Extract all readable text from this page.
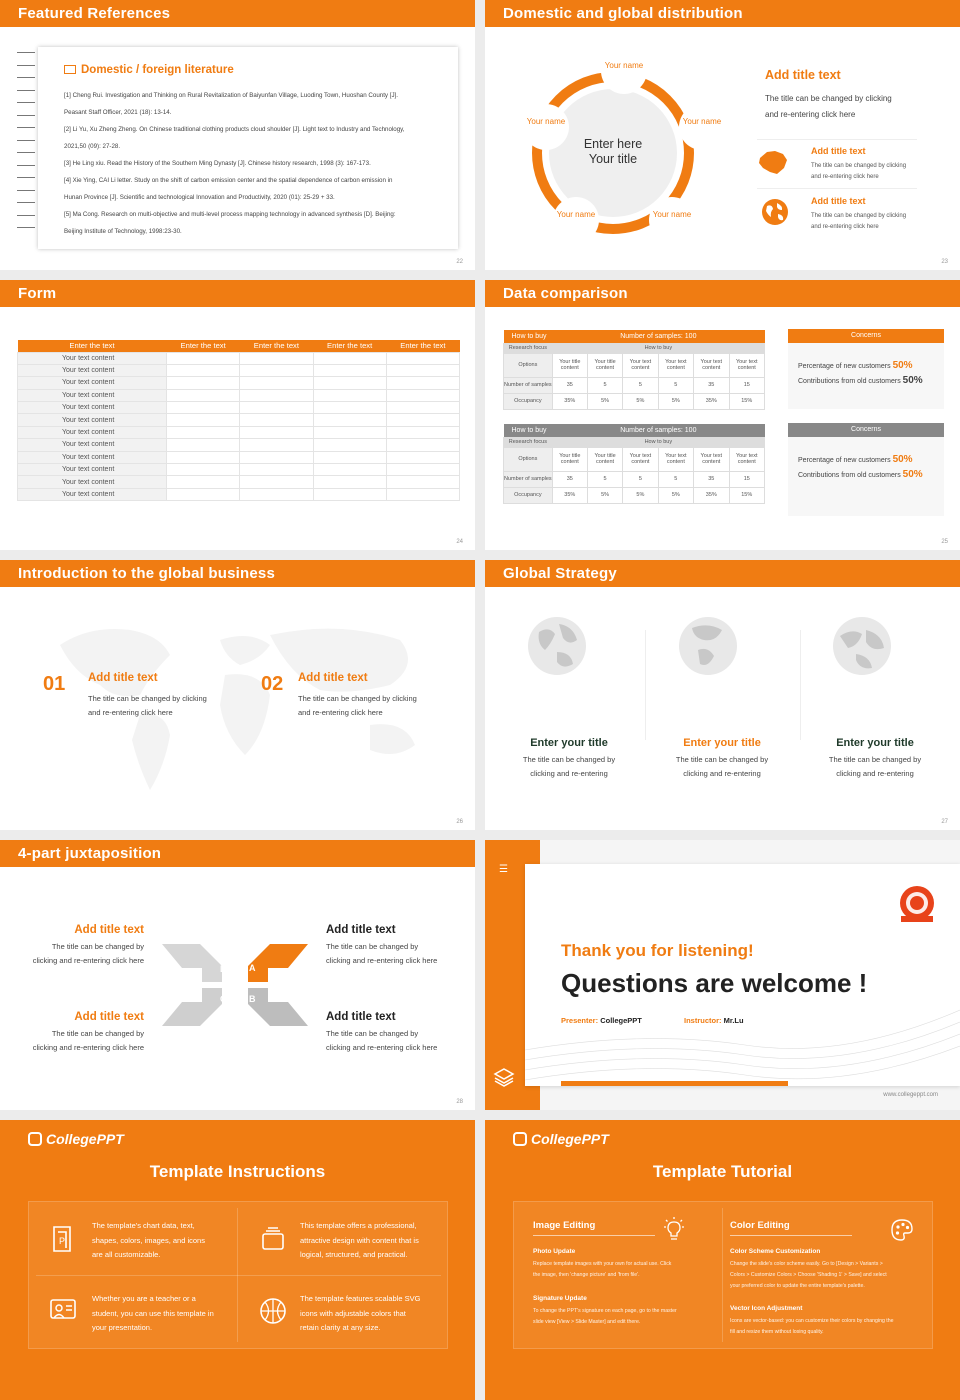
Featured References
Domestic / foreign literature
[1] Cheng Rui. Investigation and Thinking on Rural Revitalization of Baiyunfan Village, Luoding Town, Huoshan County [J].
Peasant Staff Officer, 2021 (18): 13-14.
[2] Li Yu, Xu Zheng Zheng. On Chinese traditional clothing products cloud shoulder [J]. Light text to Industry and Technology,
2021,50 (09): 27-28.
[3] He Ling xiu. Read the History of the Southern Ming Dynasty [J]. Chinese history research, 1998 (3): 167-173.
[4] Xie Ying, CAI Li letter. Study on the shift of carbon emission center and the spatial dependence of carbon emission in
Hunan Province [J]. Scientific and technological Innovation and Productivity, 2020 (01): 25-29 + 33.
[5] Ma Cong. Research on multi-objective and multi-level process mapping technology in advanced synthesis [D]. Beijing:
Beijing Institute of Technology, 1998:23-30.
22
Domestic and global distribution
Enter here
Your title
Your name
Your name
Your name
Your name
Your name
Add title text
The title can be changed by clicking
and re-entering click here
Add title text
The title can be changed by clicking
and re-entering click here
Add title text
The title can be changed by clicking
and re-entering click here
23
Form
24
Enter the text	Enter the text	Enter the text	Enter the text	Enter the text
Your text content				
Your text content				
Your text content				
Your text content				
Your text content				
Your text content				
Your text content				
Your text content				
Your text content				
Your text content				
Your text content				
Your text content				
Data comparison
25
Concerns
Percentage of new customers 50%
Contributions from old customers 50%
Concerns
Percentage of new customers 50%
Contributions from old customers 50%
How to buy	Number of samples: 100					
Research focus	How to buy					
Options	Your title content	Your title content	Your text content	Your text content	Your text content	Your text content
Number of samples	35	5	5	5	35	15
Occupancy	35%	5%	5%	5%	35%	15%
How to buy	Number of samples: 100					
Research focus	How to buy					
Options	Your title content	Your title content	Your text content	Your text content	Your text content	Your text content
Number of samples	35	5	5	5	35	15
Occupancy	35%	5%	5%	5%	35%	15%
Introduction to the global business
01 Add title text
The title can be changed by clicking
and re-entering click here
02 Add title text
The title can be changed by clicking
and re-entering click here
26
Global Strategy
Enter your title
The title can be changed by
clicking and re-entering
Enter your title
The title can be changed by
clicking and re-entering
Enter your title
The title can be changed by
clicking and re-entering
27
4-part juxtaposition
Add title text
The title can be changed by
clicking and re-entering click here
Add title text
The title can be changed by
clicking and re-entering click here
Add title text
The title can be changed by
clicking and re-entering click here
Add title text
The title can be changed by
clicking and re-entering click here
D	A
C	B
28
☰
Thank you for listening!
Questions are welcome !
Presenter: CollegePPT	Instructor: Mr.Lu
www.collegeppt.com
CollegePPT
Template Instructions
P
The template's chart data, text,
shapes, colors, images, and icons
are all customizable.
This template offers a professional,
attractive design with content that is
logical, structured, and practical.
Whether you are a teacher or a
student, you can use this template in
your presentation.
The template features scalable SVG
icons with adjustable colors that
retain clarity at any size.
CollegePPT
Template Tutorial
Image Editing
Photo Update
Replace template images with your own for actual use. Click
the image, then 'change picture' and 'from file'.
Signature Update
To change the PPT's signature on each page, go to the master
slide view [View > Slide Master] and edit there.
Color Editing
Color Scheme Customization
Change the slide's color scheme easily. Go to [Design > Variants >
Colors > Customize Colors > Choose 'Shading 1' > Save] and select
your preferred color to update the entire template's palette.
Vector Icon Adjustment
Icons are vector-based: you can customize their colors by changing the
fill and resize them without losing quality.
